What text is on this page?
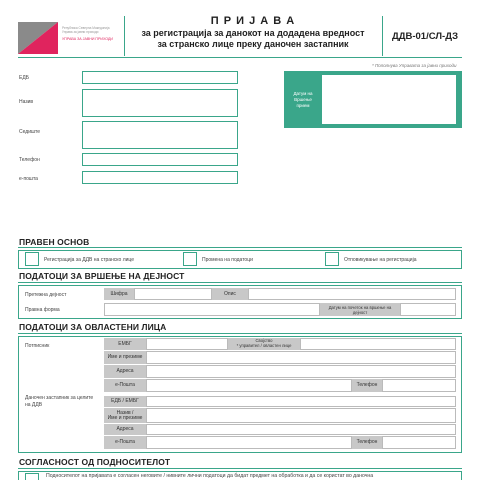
Република Северна Македонија
Управа за јавни приходи
УПРАВА ЗА ЈАВНИ ПРИХОДИ
П Р И Ј А В А
за регистрација за данокот на додадена вредност
за странско лице преку даночен застапник
ДДВ-01/СЛ-ДЗ
* Пополнува Управата за јавни приходи
ЕДБ
Назив
Седиште
Телефон
е-пошта
Датум на
Вршење
прием
ПРАВЕН ОСНОВ
Регистрација за ДДВ на странско лице	Промена на податоци	Отповикување на регистрација
ПОДАТОЦИ ЗА ВРШЕЊЕ НА ДЕЈНОСТ
Претежна дејност	Шифра	Опис
Правна форма	Датум на почеток на вршење на дејност
ПОДАТОЦИ ЗА ОВЛАСТЕНИ ЛИЦА
Потписник	ЕМБГ	Својство
* управител / овластен лице
Име и презиме
Адреса
е-Пошта	Телефон
Даночен застапник за целите на ДДВ
ЕДБ / ЕМБГ
Назив /
Име и презиме
Адреса
е-Пошта	Телефон
СОГЛАСНОСТ ОД ПОДНОСИТЕЛОТ
Подносителот на пријавата е согласен неговите / нивните лични податоци да бидат предмет на обработка и да се користат во даночна
